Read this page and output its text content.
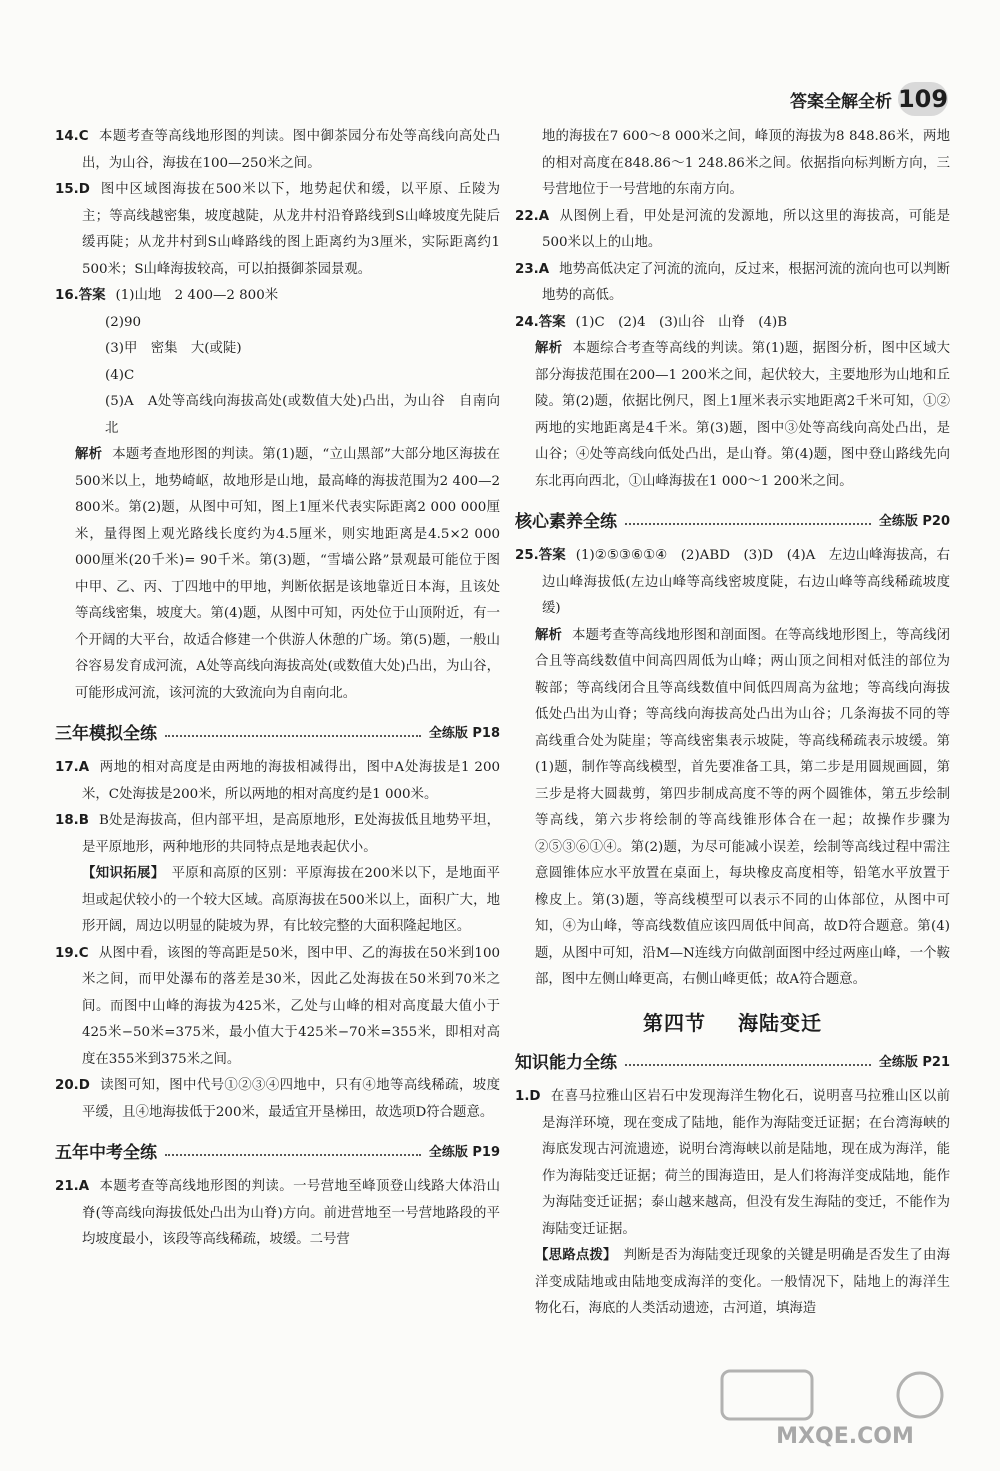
答案全解全析 109

14.C 本题考查等高线地形图的判读。图中御茶园分布处等高线向高处凸出，为山谷，海拔在100—250米之间。

15.D 图中区域图海拔在500米以下，地势起伏和缓，以平原、丘陵为主；等高线越密集，坡度越陡，从龙井村沿脊路线到S山峰坡度先陡后缓再陡；从龙井村到S山峰路线的图上距离约为3厘米，实际距离约1 500米；S山峰海拔较高，可以拍摄御茶园景观。

16.答案 (1)山地　2 400—2 800米

(2)90

(3)甲　密集　大(或陡)

(4)C

(5)A　A处等高线向海拔高处(或数值大处)凸出，为山谷　自南向北

解析 本题考查地形图的判读。第(1)题，“立山黑部”大部分地区海拔在500米以上，地势崎岖，故地形是山地，最高峰的海拔范围为2 400—2 800米。第(2)题，从图中可知，图上1厘米代表实际距离2 000 000厘米，量得图上观光路线长度约为4.5厘米，则实地距离是4.5×2 000 000厘米(20千米)= 90千米。第(3)题，“雪墙公路”景观最可能位于图中甲、乙、丙、丁四地中的甲地，判断依据是该地靠近日本海，且该处等高线密集，坡度大。第(4)题，从图中可知，丙处位于山顶附近，有一个开阔的大平台，故适合修建一个供游人休憩的广场。第(5)题，一般山谷容易发育成河流，A处等高线向海拔高处(或数值大处)凸出，为山谷，可能形成河流，该河流的大致流向为自南向北。

三年模拟全练	全练版 P18

17.A 两地的相对高度是由两地的海拔相减得出，图中A处海拔是1 200米，C处海拔是200米，所以两地的相对高度约是1 000米。

18.B B处是海拔高，但内部平坦，是高原地形，E处海拔低且地势平坦，是平原地形，两种地形的共同特点是地表起伏小。

【知识拓展】　 平原和高原的区别：平原海拔在200米以下，是地面平坦或起伏较小的一个较大区域。高原海拔在500米以上，面积广大，地形开阔，周边以明显的陡坡为界，有比较完整的大面积隆起地区。

19.C 从图中看，该图的等高距是50米，图中甲、乙的海拔在50米到100米之间，而甲处瀑布的落差是30米，因此乙处海拔在50米到70米之间。而图中山峰的海拔为425米，乙处与山峰的相对高度最大值小于425米−50米=375米，最小值大于425米−70米=355米，即相对高度在355米到375米之间。

20.D 读图可知，图中代号①②③④四地中，只有④地等高线稀疏，坡度平缓，且④地海拔低于200米，最适宜开垦梯田，故选项D符合题意。

五年中考全练	全练版 P19

21.A 本题考查等高线地形图的判读。一号营地至峰顶登山线路大体沿山脊(等高线向海拔低处凸出为山脊)方向。前进营地至一号营地路段的平均坡度最小，该段等高线稀疏，坡缓。二号营

地的海拔在7 600～8 000米之间，峰顶的海拔为8 848.86米，两地的相对高度在848.86～1 248.86米之间。依据指向标判断方向，三号营地位于一号营地的东南方向。

22.A 从图例上看，甲处是河流的发源地，所以这里的海拔高，可能是500米以上的山地。

23.A 地势高低决定了河流的流向，反过来，根据河流的流向也可以判断地势的高低。

24.答案 (1)C　(2)4　(3)山谷　山脊　(4)B

解析 本题综合考查等高线的判读。第(1)题，据图分析，图中区域大部分海拔范围在200—1 200米之间，起伏较大，主要地形为山地和丘陵。第(2)题，依据比例尺，图上1厘米表示实地距离2千米可知，①②两地的实地距离是4千米。第(3)题，图中③处等高线向高处凸出，是山谷；④处等高线向低处凸出，是山脊。第(4)题，图中登山路线先向东北再向西北，①山峰海拔在1 000～1 200米之间。

核心素养全练	全练版 P20

25.答案 (1)②⑤③⑥①④　(2)ABD　(3)D　(4)A　左边山峰海拔高，右边山峰海拔低(左边山峰等高线密坡度陡，右边山峰等高线稀疏坡度缓)

解析 本题考查等高线地形图和剖面图。在等高线地形图上，等高线闭合且等高线数值中间高四周低为山峰；两山顶之间相对低洼的部位为鞍部；等高线闭合且等高线数值中间低四周高为盆地；等高线向海拔低处凸出为山脊；等高线向海拔高处凸出为山谷；几条海拔不同的等高线重合处为陡崖；等高线密集表示坡陡，等高线稀疏表示坡缓。第(1)题，制作等高线模型，首先要准备工具，第二步是用圆规画圆，第三步是将大圆裁剪，第四步制成高度不等的两个圆锥体，第五步绘制等高线，第六步将绘制的等高线锥形体合在一起；故操作步骤为②⑤③⑥①④。第(2)题，为尽可能减小误差，绘制等高线过程中需注意圆锥体应水平放置在桌面上，每块橡皮高度相等，铅笔水平放置于橡皮上。第(3)题，等高线模型可以表示不同的山体部位，从图中可知，④为山峰，等高线数值应该四周低中间高，故D符合题意。第(4)题，从图中可知，沿M—N连线方向做剖面图中经过两座山峰，一个鞍部，图中左侧山峰更高，右侧山峰更低；故A符合题意。

第四节 海陆变迁
知识能力全练	全练版 P21

1.D 在喜马拉雅山区岩石中发现海洋生物化石，说明喜马拉雅山区以前是海洋环境，现在变成了陆地，能作为海陆变迁证据；在台湾海峡的海底发现古河流遗迹，说明台湾海峡以前是陆地，现在成为海洋，能作为海陆变迁证据；荷兰的围海造田，是人们将海洋变成陆地，能作为海陆变迁证据；泰山越来越高，但没有发生海陆的变迁，不能作为海陆变迁证据。

【思路点拨】　 判断是否为海陆变迁现象的关键是明确是否发生了由海洋变成陆地或由陆地变成海洋的变化。一般情况下，陆地上的海洋生物化石，海底的人类活动遗迹，古河道，填海造

MXQE.COM
